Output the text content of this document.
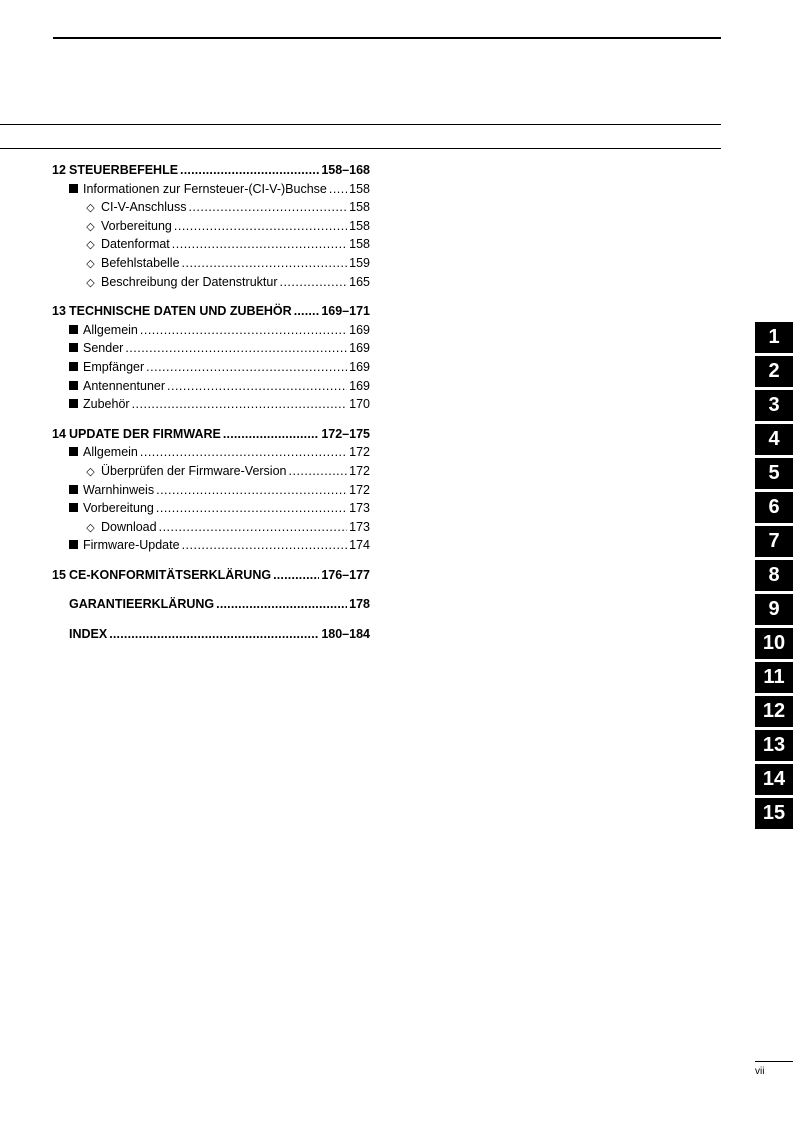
12 STEUERBEFEHLE .....	158–168
Informationen zur Fernsteuer-(CI-V-)Buchse ..... 158
◇ CI-V-Anschluss .....	158
◇ Vorbereitung .....	158
◇ Datenformat .....	158
◇ Befehlstabelle .....	159
◇ Beschreibung der Datenstruktur .....	165
13 TECHNISCHE DATEN UND ZUBEHÖR ..... 169–171
Allgemein .....	169
Sender .....	169
Empfänger .....	169
Antennentuner .....	169
Zubehör .....	170
14 UPDATE DER FIRMWARE .....	172–175
Allgemein .....	172
◇ Überprüfen der Firmware-Version .....	172
Warnhinweis .....	172
Vorbereitung .....	173
◇ Download .....	173
Firmware-Update .....	174
15 CE-KONFORMITÄTSERKLÄRUNG .....	176–177
GARANTIEERKLÄRUNG .....	178
INDEX .....	180–184
1
2
3
4
5
6
7
8
9
10
11
12
13
14
15
vii
